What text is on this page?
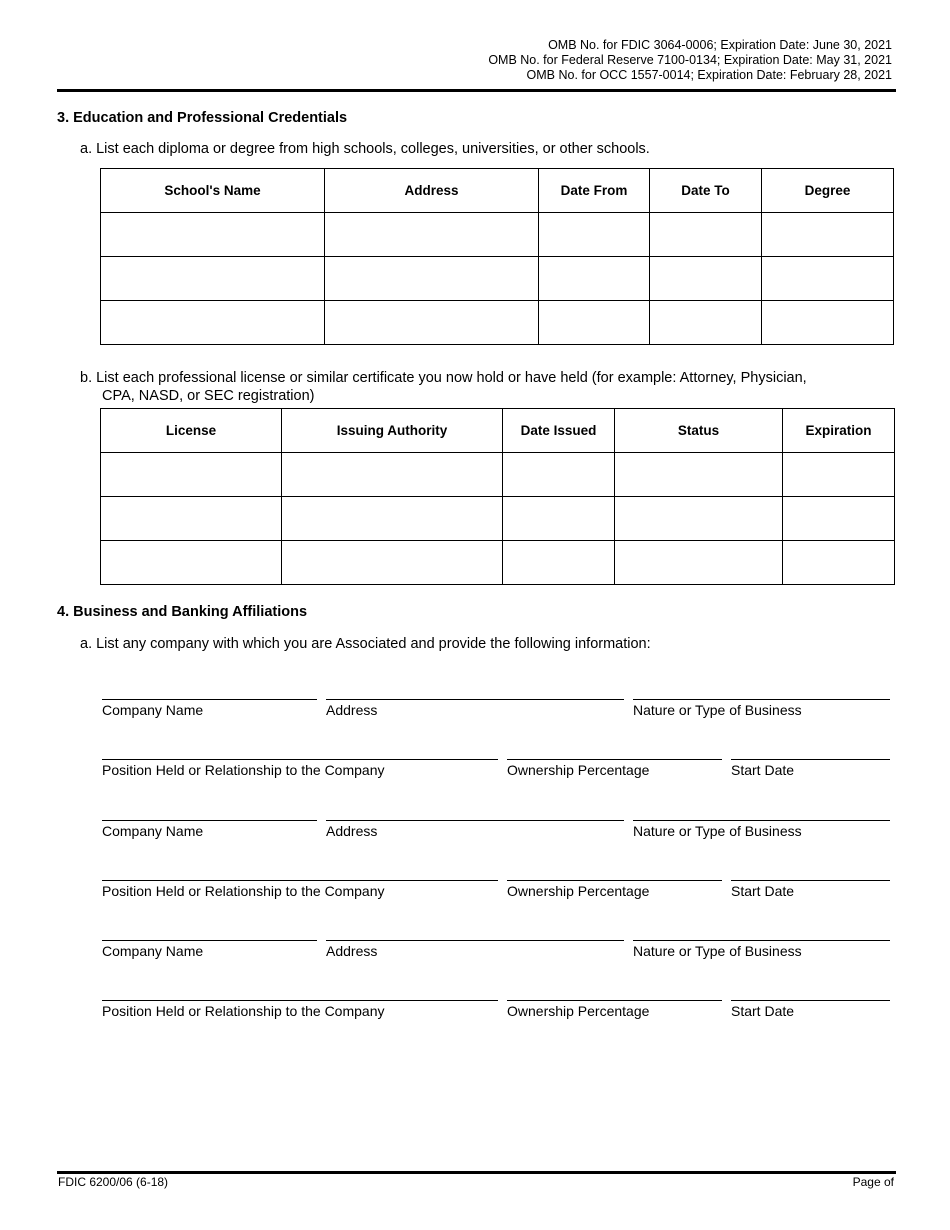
OMB No. for FDIC 3064-0006; Expiration Date: June 30, 2021
OMB No. for Federal Reserve 7100-0134; Expiration Date: May 31, 2021
OMB No. for OCC 1557-0014; Expiration Date: February 28, 2021
3. Education and Professional Credentials
a. List each diploma or degree from high schools, colleges, universities, or other schools.
School's Name	Address	Date From	Date To	Degree

b. List each professional license or similar certificate you now hold or have held (for example: Attorney, Physician,
CPA, NASD, or SEC registration)
License	Issuing Authority	Date Issued	Status	Expiration

4. Business and Banking Affiliations
a. List any company with which you are Associated and provide the following information:
Company Name	Address	Nature or Type of Business
Position Held or Relationship to the Company	Ownership Percentage	Start Date
Company Name	Address	Nature or Type of Business
Position Held or Relationship to the Company	Ownership Percentage	Start Date
Company Name	Address	Nature or Type of Business
Position Held or Relationship to the Company	Ownership Percentage	Start Date
FDIC 6200/06 (6-18)	Page of
